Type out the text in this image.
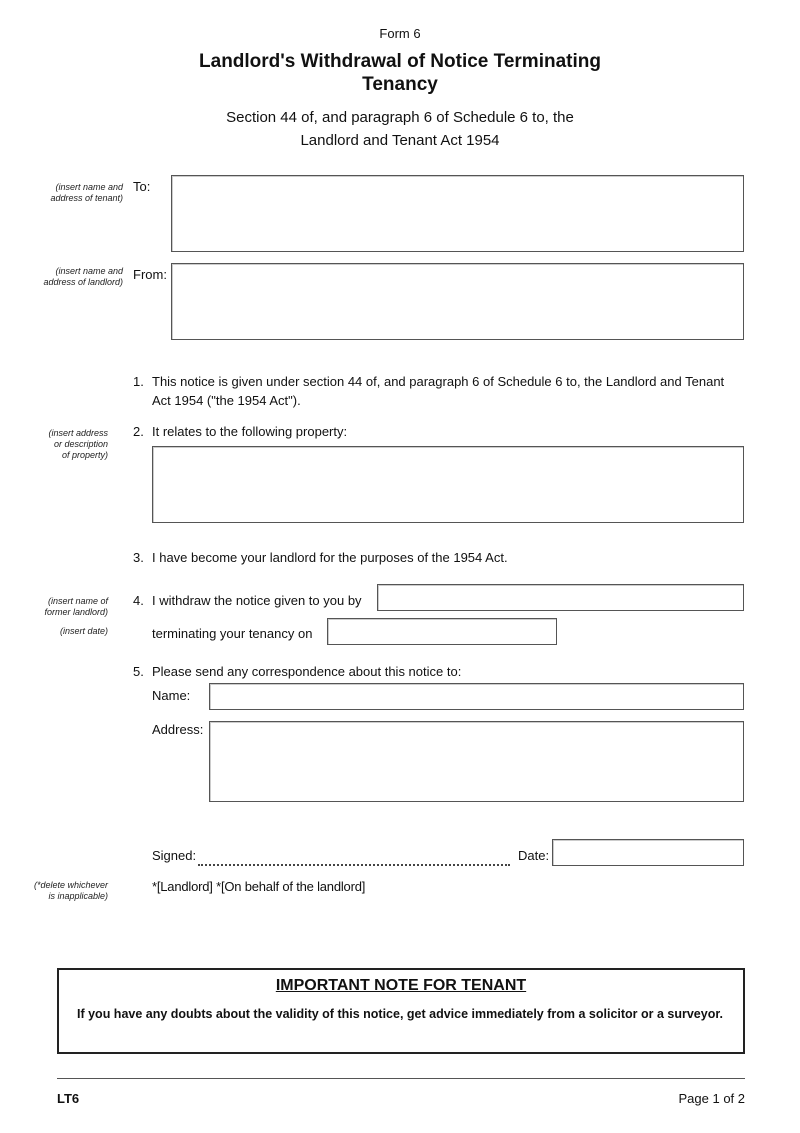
Form 6
Landlord's Withdrawal of Notice Terminating
Tenancy
Section 44 of, and paragraph 6 of Schedule 6 to, the
Landlord and Tenant Act 1954
(insert name and
address of tenant)
To:
(insert name and
address of landlord) From:
1. This notice is given under section 44 of, and paragraph 6 of Schedule 6 to, the Landlord and Tenant
Act 1954 ("the 1954 Act").
(insert address
or description
of property)
2. It relates to the following property:
3. I have become your landlord for the purposes of the 1954 Act.
(insert name of
former landlord)
(insert date)
4. I withdraw the notice given to you by
terminating your tenancy on
5. Please send any correspondence about this notice to:
Name:
Address:
Signed:	Date:
(*delete whichever
is inapplicable)
*[Landlord] *[On behalf of the landlord]
IMPORTANT NOTE FOR TENANT

If you have any doubts about the validity of this notice, get advice immediately from a solicitor or a surveyor.

LT6	Page 1 of 2
